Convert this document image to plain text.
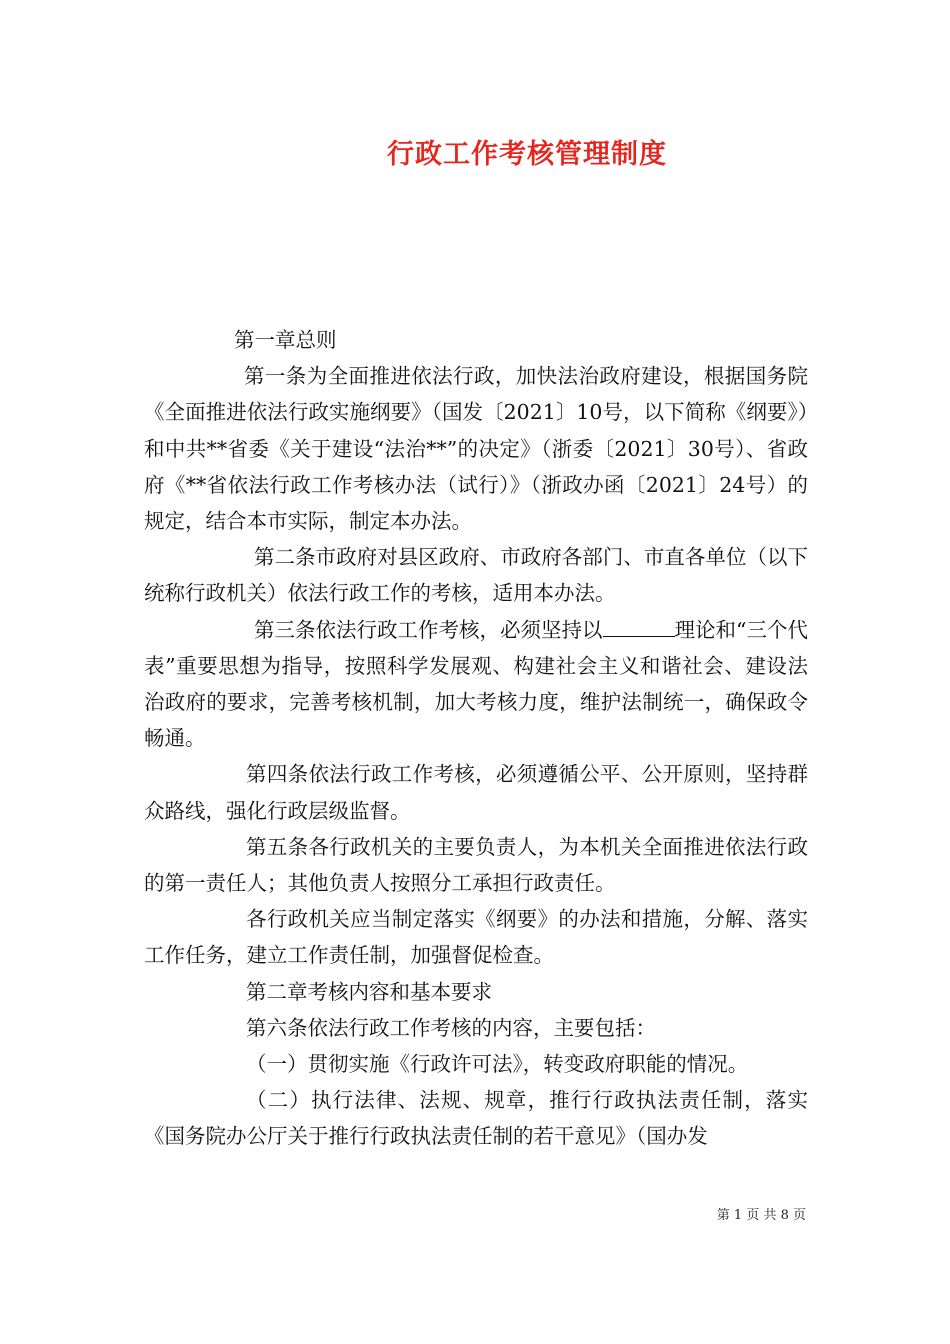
行政工作考核管理制度

第一章总则

第一条为全面推进依法行政，加快法治政府建设，根据国务院《全面推进依法行政实施纲要》（国发〔2021〕10号，以下简称《纲要》）和中共**省委《关于建设“法治**”的决定》（浙委〔2021〕30号）、省政府《**省依法行政工作考核办法（试行）》（浙政办函〔2021〕24号）的规定，结合本市实际，制定本办法。

第二条市政府对县区政府、市政府各部门、市直各单位（以下统称行政机关）依法行政工作的考核，适用本办法。

第三条依法行政工作考核，必须坚持以	理论和“三个代表”重要思想为指导，按照科学发展观、构建社会主义和谐社会、建设法治政府的要求，完善考核机制，加大考核力度，维护法制统一，确保政令畅通。

第四条依法行政工作考核，必须遵循公平、公开原则，坚持群众路线，强化行政层级监督。

第五条各行政机关的主要负责人，为本机关全面推进依法行政的第一责任人；其他负责人按照分工承担行政责任。

各行政机关应当制定落实《纲要》的办法和措施，分解、落实工作任务，建立工作责任制，加强督促检查。

第二章考核内容和基本要求

第六条依法行政工作考核的内容，主要包括：

（一）贯彻实施《行政许可法》，转变政府职能的情况。

（二）执行法律、法规、规章，推行行政执法责任制，落实《国务院办公厅关于推行行政执法责任制的若干意见》（国办发

第 1 页 共 8 页
